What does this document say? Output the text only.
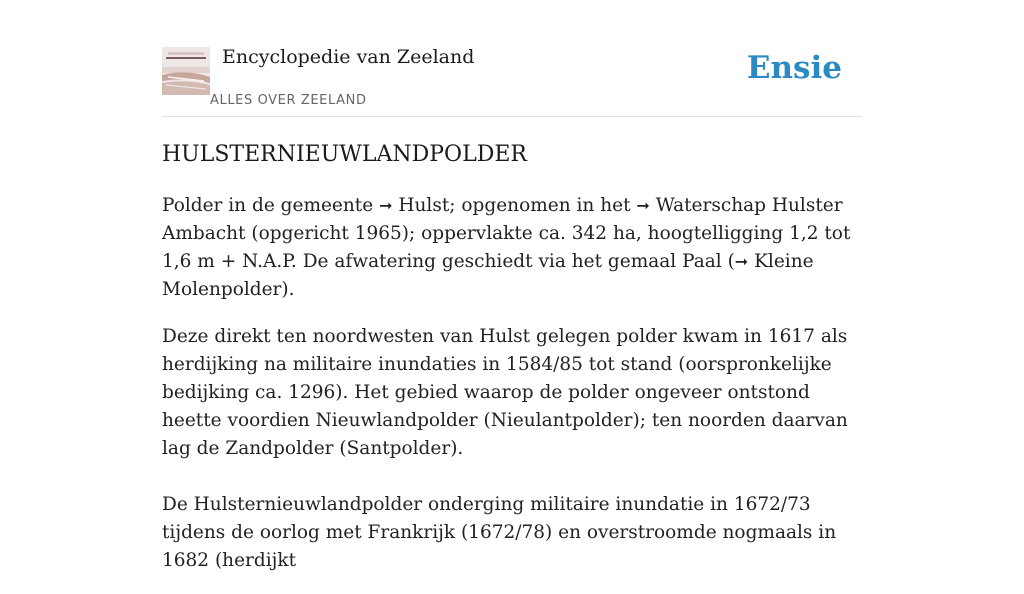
Encyclopedie van Zeeland
ALLES OVER ZEELAND
Ensie
HULSTERNIEUWLANDPOLDER

Polder in de gemeente ➞ Hulst; opgenomen in het ➞ Waterschap Hulster Ambacht (opgericht 1965); oppervlakte ca. 342 ha, hoogtelligging 1,2 tot 1,6 m + N.A.P. De afwatering geschiedt via het gemaal Paal (➞ Kleine Molenpolder).

Deze direkt ten noordwesten van Hulst gelegen polder kwam in 1617 als herdijking na militaire inundaties in 1584/85 tot stand (oorspronkelijke bedijking ca. 1296). Het gebied waarop de polder ongeveer ontstond heette voordien Nieuwlandpolder (Nieulantpolder); ten noorden daarvan lag de Zandpolder (Santpolder).

De Hulsternieuwlandpolder onderging militaire inundatie in 1672/73 tijdens de oorlog met Frankrijk (1672/78) en overstroomde nogmaals in 1682 (herdijkt
